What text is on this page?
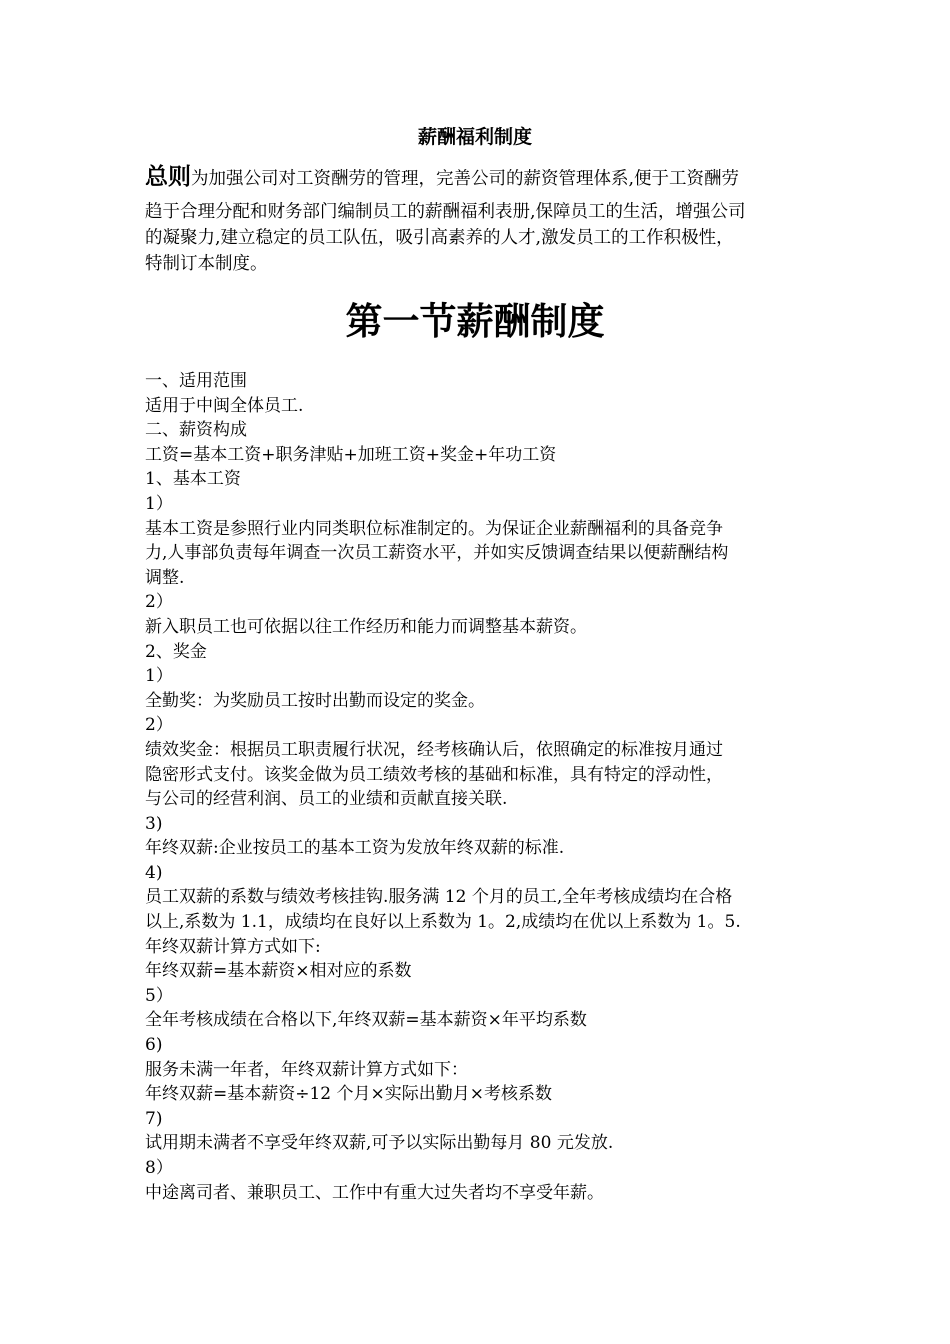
薪酬福利制度
总则为加强公司对工资酬劳的管理，完善公司的薪资管理体系,便于工资酬劳
趋于合理分配和财务部门编制员工的薪酬福利表册,保障员工的生活，增强公司
的凝聚力,建立稳定的员工队伍，吸引高素养的人才,激发员工的工作积极性，
特制订本制度。
第一节薪酬制度
一、适用范围
适用于中闽全体员工.
二、薪资构成
工资=基本工资+职务津贴+加班工资+奖金+年功工资
1、基本工资
1）
基本工资是参照行业内同类职位标准制定的。为保证企业薪酬福利的具备竞争
力,人事部负责每年调查一次员工薪资水平，并如实反馈调查结果以便薪酬结构
调整.
2）
新入职员工也可依据以往工作经历和能力而调整基本薪资。
2、奖金
1）
全勤奖：为奖励员工按时出勤而设定的奖金。
2）
绩效奖金：根据员工职责履行状况，经考核确认后，依照确定的标准按月通过
隐密形式支付。该奖金做为员工绩效考核的基础和标准，具有特定的浮动性，
与公司的经营利润、员工的业绩和贡献直接关联.
3)
年终双薪:企业按员工的基本工资为发放年终双薪的标准.
4)
员工双薪的系数与绩效考核挂钩.服务满 12 个月的员工,全年考核成绩均在合格
以上,系数为 1.1，成绩均在良好以上系数为 1。2,成绩均在优以上系数为 1。5.
年终双薪计算方式如下:
年终双薪=基本薪资×相对应的系数
5）
全年考核成绩在合格以下,年终双薪=基本薪资×年平均系数
6)
服务未满一年者，年终双薪计算方式如下：
年终双薪=基本薪资÷12 个月×实际出勤月×考核系数
7)
试用期未满者不享受年终双薪,可予以实际出勤每月 80 元发放.
8）
中途离司者、兼职员工、工作中有重大过失者均不享受年薪。
